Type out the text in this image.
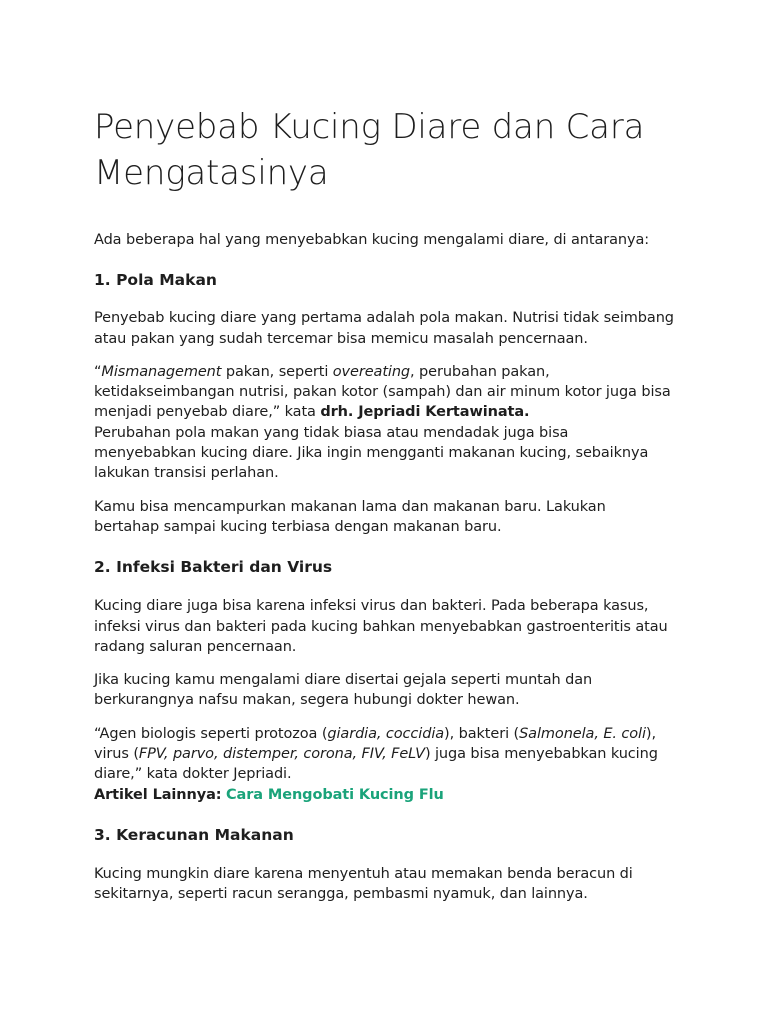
Penyebab Kucing Diare dan Cara Mengatasinya

Ada beberapa hal yang menyebabkan kucing mengalami diare, di antaranya:

1. Pola Makan

Penyebab kucing diare yang pertama adalah pola makan. Nutrisi tidak seimbang atau pakan yang sudah tercemar bisa memicu masalah pencernaan.

“Mismanagement pakan, seperti overeating, perubahan pakan, ketidakseimbangan nutrisi, pakan kotor (sampah) dan air minum kotor juga bisa menjadi penyebab diare,” kata drh. Jepriadi Kertawinata.
Perubahan pola makan yang tidak biasa atau mendadak juga bisa menyebabkan kucing diare. Jika ingin mengganti makanan kucing, sebaiknya lakukan transisi perlahan.

Kamu bisa mencampurkan makanan lama dan makanan baru. Lakukan bertahap sampai kucing terbiasa dengan makanan baru.

2. Infeksi Bakteri dan Virus

Kucing diare juga bisa karena infeksi virus dan bakteri. Pada beberapa kasus, infeksi virus dan bakteri pada kucing bahkan menyebabkan gastroenteritis atau radang saluran pencernaan.

Jika kucing kamu mengalami diare disertai gejala seperti muntah dan berkurangnya nafsu makan, segera hubungi dokter hewan.

“Agen biologis seperti protozoa (giardia, coccidia), bakteri (Salmonela, E. coli), virus (FPV, parvo, distemper, corona, FIV, FeLV) juga bisa menyebabkan kucing diare,” kata dokter Jepriadi.
Artikel Lainnya: Cara Mengobati Kucing Flu

3. Keracunan Makanan

Kucing mungkin diare karena menyentuh atau memakan benda beracun di sekitarnya, seperti racun serangga, pembasmi nyamuk, dan lainnya.
